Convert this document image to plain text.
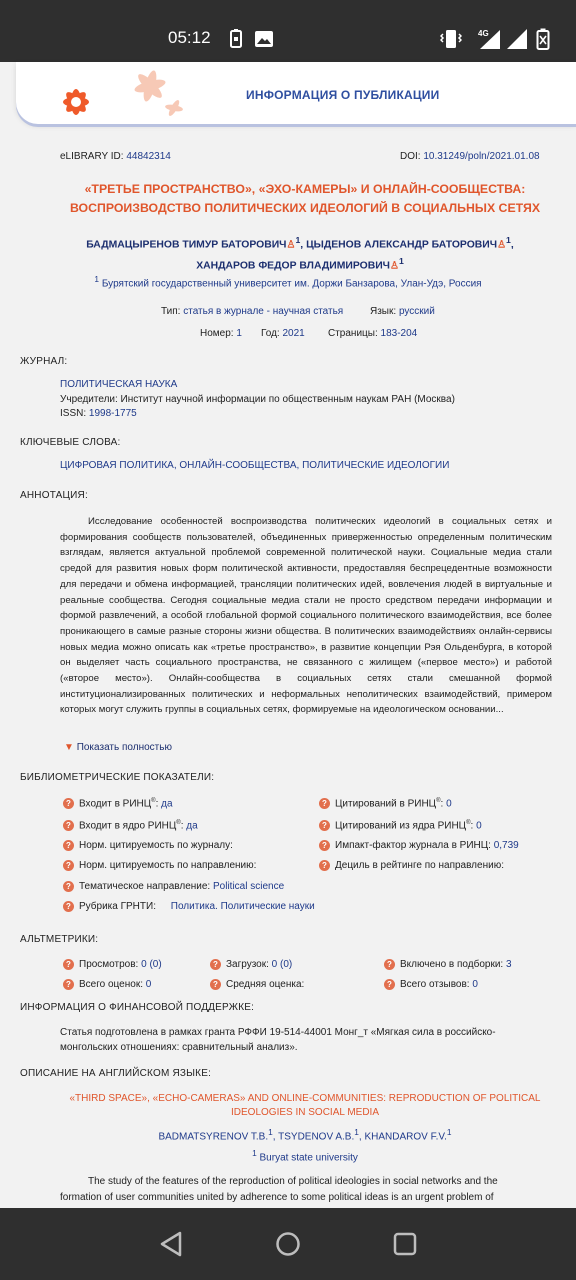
05:12	4G
ИНФОРМАЦИЯ О ПУБЛИКАЦИИ
eLIBRARY ID: 44842314	DOI: 10.31249/poln/2021.01.08
«ТРЕТЬЕ ПРОСТРАНСТВО», «ЭХО-КАМЕРЫ» И ОНЛАЙН-СООБЩЕСТВА:
ВОСПРОИЗВОДСТВО ПОЛИТИЧЕСКИХ ИДЕОЛОГИЙ В СОЦИАЛЬНЫХ СЕТЯХ
БАДМАЦЫРЕНОВ ТИМУР БАТОРОВИЧ♙$^1$, ЦЫДЕНОВ АЛЕКСАНДР БАТОРОВИЧ♙$^1$,
ХАНДАРОВ ФЕДОР ВЛАДИМИРОВИЧ♙$^1$
$^1$ Бурятский государственный университет им. Доржи Банзарова, Улан-Удэ, Россия
Тип: статья в журнале - научная статья	Язык: русский
Номер: 1 Год: 2021 Страницы: 183-204
ЖУРНАЛ:
ПОЛИТИЧЕСКАЯ НАУКА
Учредители: Институт научной информации по общественным наукам РАН (Москва)
ISSN: 1998-1775
КЛЮЧЕВЫЕ СЛОВА:
ЦИФРОВАЯ ПОЛИТИКА, ОНЛАЙН-СООБЩЕСТВА, ПОЛИТИЧЕСКИЕ ИДЕОЛОГИИ
АННОТАЦИЯ:
Исследование особенностей воспроизводства политических идеологий в социальных сетях и формирования сообществ пользователей, объединенных приверженностью определенным политическим взглядам, является актуальной проблемой современной политической науки. Социальные медиа стали средой для развития новых форм политической активности, предоставляя беспрецедентные возможности для передачи и обмена информацией, трансляции политических идей, вовлечения людей в виртуальные и реальные сообщества. Сегодня социальные медиа стали не просто средством передачи информации и формой развлечений, а особой глобальной формой социального политического взаимодействия, все более проникающего в самые разные стороны жизни общества. В политических взаимодействиях онлайн-сервисы новых медиа можно описать как «третье пространство», в развитие концепции Рэя Ольденбурга, в которой он выделяет часть социального пространства, не связанного с жилищем («первое место») и работой («второе место»). Онлайн-сообщества в социальных сетях стали смешанной формой институционализированных политических и неформальных неполитических взаимодействий, примером которых могут служить группы в социальных сетях, формируемые на идеологическом основании...
▼ Показать полностью
БИБЛИОМЕТРИЧЕСКИЕ ПОКАЗАТЕЛИ:
? Входит в РИНЦ®: да	? Цитирований в РИНЦ®: 0
? Входит в ядро РИНЦ®: да	? Цитирований из ядра РИНЦ®: 0
? Норм. цитируемость по журналу:	? Импакт-фактор журнала в РИНЦ: 0,739
? Норм. цитируемость по направлению:	? Дециль в рейтинге по направлению:
? Тематическое направление: Political science
? Рубрика ГРНТИ: Политика. Политические науки
АЛЬТМЕТРИКИ:
? Просмотров: 0 (0)	? Загрузок: 0 (0)	? Включено в подборки: 3
? Всего оценок: 0	? Средняя оценка:	? Всего отзывов: 0
ИНФОРМАЦИЯ О ФИНАНСОВОЙ ПОДДЕРЖКЕ:
Статья подготовлена в рамках гранта РФФИ 19-514-44001 Монг_т «Мягкая сила в российско-
монгольских отношениях: сравнительный анализ».
ОПИСАНИЕ НА АНГЛИЙСКОМ ЯЗЫКЕ:
«THIRD SPACE», «ECHO-CAMERAS» AND ONLINE-COMMUNITIES: REPRODUCTION OF POLITICAL
IDEOLOGIES IN SOCIAL MEDIA
BADMATSYRENOV T.B.$^1$, TSYDENOV A.B.$^1$, KHANDAROV F.V.$^1$
$^1$ Buryat state university
The study of the features of the reproduction of political ideologies in social networks and the
formation of user communities united by adherence to some political ideas is an urgent problem of
